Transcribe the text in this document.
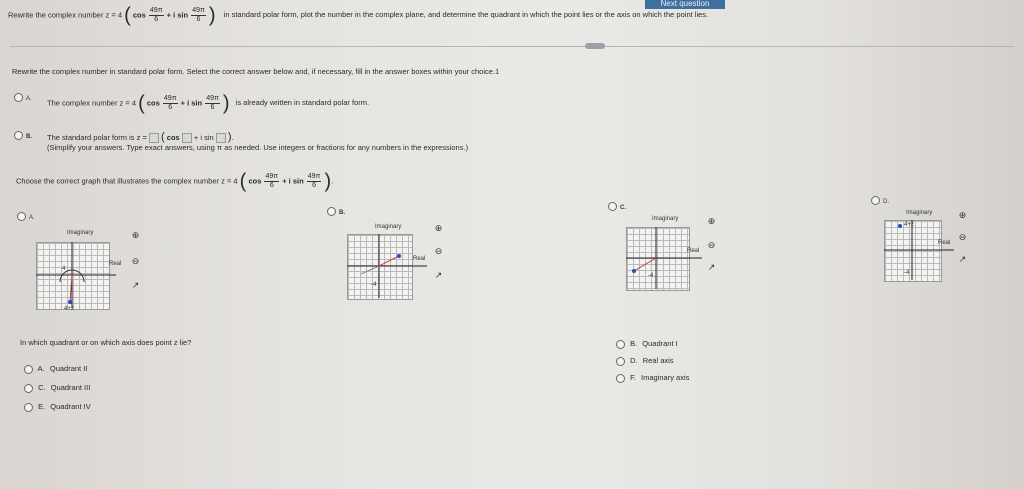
Rewrite the complex number z = 4 ( $\cos \frac{49\pi}{6} + i$ $\sin \frac{49\pi}{6}$ ) in standard polar form, plot the number in the complex plane, and determine the quadrant in which the point lies or the axis on which the point lies.
Next question
Rewrite the complex number in standard polar form. Select the correct answer below and, if necessary, fill in the answer boxes within your choice.1
A. The complex number z = 4 ( $\cos \frac{49\pi}{6} + i$ $\sin \frac{49\pi}{6}$ ) is already written in standard polar form.
B. The standard polar form is z = ( cos + i sin ).
(Simplify your answers. Type exact answers, using π as needed. Use integers or fractions for any numbers in the expressions.)
Choose the correct graph that illustrates the complex number z = 4 ( $\cos \frac{49\pi}{6} + i$ $\sin \frac{49\pi}{6}$ ).
A.
Imaginary
Real
4
4+z
⊕
⊖
↗
B.
Imaginary
Real
-4
⊕
⊖
↗
C.
Imaginary
Real
-4
⊕
⊖
↗
D.
Imaginary
4+z
Real
-4
⊕
⊖
↗
In which quadrant or on which axis does point z lie?
A. Quadrant II
C. Quadrant III
E. Quadrant IV
B. Quadrant I
D. Real axis
F. Imaginary axis
